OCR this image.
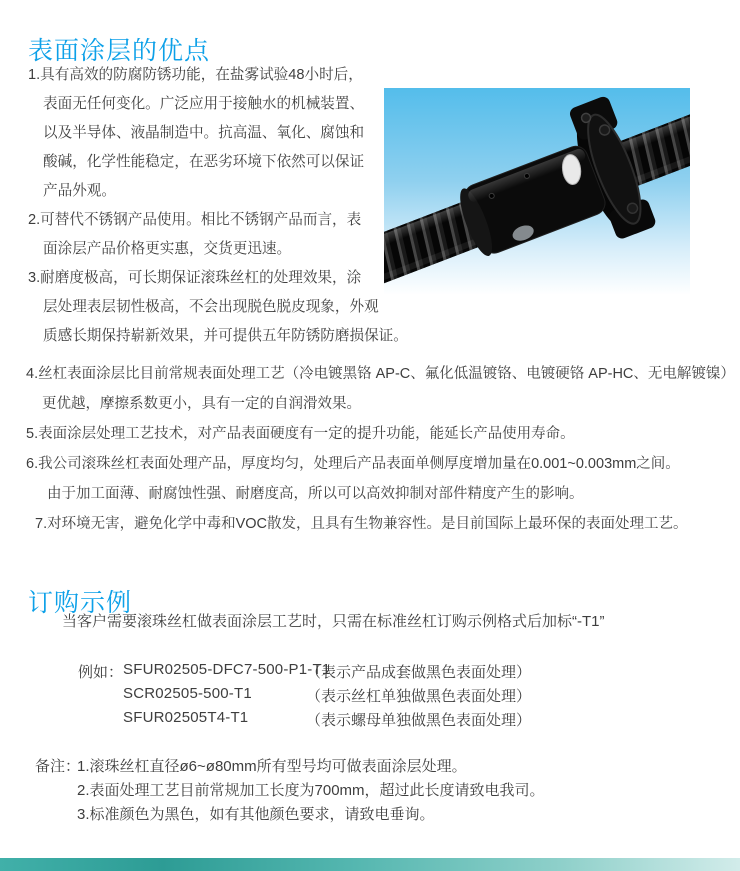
表面涂层的优点
1.具有高效的防腐防锈功能，在盐雾试验48小时后，
表面无任何变化。广泛应用于接触水的机械装置、
以及半导体、液晶制造中。抗高温、氧化、腐蚀和
酸碱，化学性能稳定，在恶劣环境下依然可以保证
产品外观。
2.可替代不锈钢产品使用。相比不锈钢产品而言，表
面涂层产品价格更实惠，交货更迅速。
3.耐磨度极高，可长期保证滚珠丝杠的处理效果，涂
层处理表层韧性极高，不会出现脱色脱皮现象，外观
质感长期保持崭新效果，并可提供五年防锈防磨损保证。
4.丝杠表面涂层比目前常规表面处理工艺（冷电镀黑铬 AP-C、氟化低温镀铬、电镀硬铬 AP-HC、无电解镀镍）
更优越，摩擦系数更小，具有一定的自润滑效果。
5.表面涂层处理工艺技术，对产品表面硬度有一定的提升功能，能延长产品使用寿命。
6.我公司滚珠丝杠表面处理产品，厚度均匀，处理后产品表面单侧厚度增加量在0.001~0.003mm之间。
由于加工面薄、耐腐蚀性强、耐磨度高，所以可以高效抑制对部件精度产生的影响。
7.对环境无害，避免化学中毒和VOC散发，且具有生物兼容性。是目前国际上最环保的表面处理工艺。
订购示例
当客户需要滚珠丝杠做表面涂层工艺时，只需在标准丝杠订购示例格式后加标“-T1”
例如： SFUR02505-DFC7-500-P1-T1
（表示产品成套做黑色表面处理）
SCR02505-500-T1	（表示丝杠单独做黑色表面处理）
SFUR02505T4-T1	（表示螺母单独做黑色表面处理）
备注：
1.滚珠丝杠直径ø6~ø80mm所有型号均可做表面涂层处理。
2.表面处理工艺目前常规加工长度为700mm，超过此长度请致电我司。
3.标准颜色为黑色，如有其他颜色要求，请致电垂询。
